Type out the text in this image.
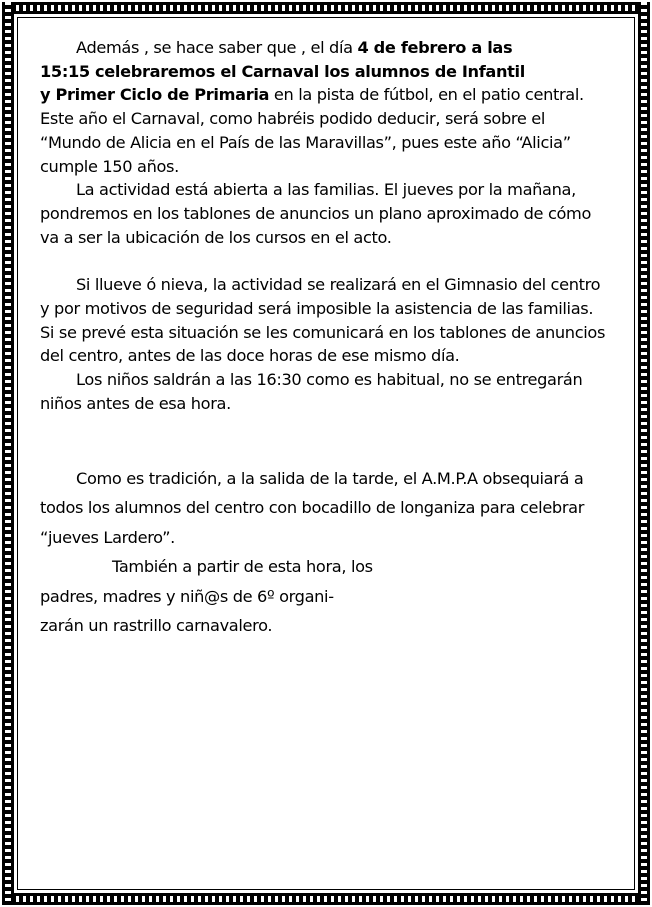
Además , se hace saber que , el día 4 de febrero a las
15:15 celebraremos el Carnaval los alumnos de Infantil
y Primer Ciclo de Primaria en la pista de fútbol, en el patio central. Este año el Carnaval, como habréis podido deducir, será sobre el “Mundo de Alicia en el País de las Maravillas”, pues este año “Alicia” cumple 150 años.

La actividad está abierta a las familias. El jueves por la mañana, pondremos en los tablones de anuncios un plano aproximado de cómo va a ser la ubicación de los cursos en el acto.

Si llueve ó nieva, la actividad se realizará en el Gimnasio del centro y por motivos de seguridad será imposible la asistencia de las familias. Si se prevé esta situación se les comunicará en los tablones de anuncios del centro, antes de las doce horas de ese mismo día.

Los niños saldrán a las 16:30 como es habitual, no se entregarán niños antes de esa hora.

Como es tradición, a la salida de la tarde, el A.M.P.A obsequiará a todos los alumnos del centro con bocadillo de longaniza para celebrar “jueves Lardero”.

También a partir de esta hora, los
padres, madres y niñ@s de 6º organi-
zarán un rastrillo carnavalero.
